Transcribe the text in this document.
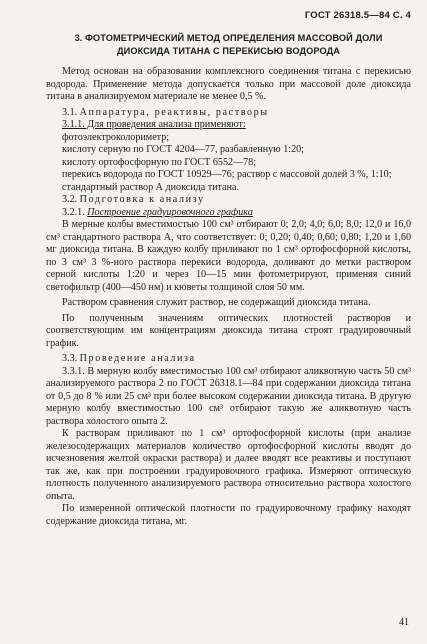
ГОСТ 26318.5—84 С. 4
3. ФОТОМЕТРИЧЕСКИЙ МЕТОД ОПРЕДЕЛЕНИЯ МАССОВОЙ ДОЛИ
ДИОКСИДА ТИТАНА С ПЕРЕКИСЬЮ ВОДОРОДА

Метод основан на образовании комплексного соединения титана с перекисью водорода. Применение метода допускается только при массовой доле диоксида титана в анализируемом материале не менее 0,5 %.

3.1. Аппаратура, реактивы, растворы

3.1.1. Для проведения анализа применяют:

фотоэлектроколориметр;

кислоту серную по ГОСТ 4204—77, разбавленную 1:20;

кислоту ортофосфорную по ГОСТ 6552—78;

перекись водорода по ГОСТ 10929—76; раствор с массовой долей 3 %, 1:10;

стандартный раствор А диоксида титана.

3.2. Подготовка к анализу

3.2.1. Построение градуировочного графика

В мерные колбы вместимостью 100 см³ отбирают 0; 2,0; 4,0; 6,0; 8,0; 12,0 и 16,0 см³ стандартного раствора А, что соответствует: 0; 0,20; 0,40; 0,60; 0,80; 1,20 и 1,60 мг диоксида титана. В каждую колбу приливают по 1 см³ ортофосфорной кислоты, по 3 см³ 3 %-ного раствора перекиси водорода, доливают до метки раствором серной кислоты 1:20 и через 10—15 мин фотометрируют, применяя синий светофильтр (400—450 нм) и кюветы толщиной слоя 50 мм.

Раствором сравнения служит раствор, не содержащий диоксида титана.

По полученным значениям оптических плотностей растворов и соответствующим им концентрациям диоксида титана строят градуировочный график.

3.3. Проведение анализа

3.3.1. В мерную колбу вместимостью 100 см³ отбирают аликвотную часть 50 см³ анализируемого раствора 2 по ГОСТ 26318.1—84 при содержании диоксида титана от 0,5 до 8 % или 25 см³ при более высоком содержании диоксида титана. В другую мерную колбу вместимостью 100 см³ отбирают такую же аликвотную часть раствора холостого опыта 2.

К растворам приливают по 1 см³ ортофосфорной кислоты (при анализе железосодержащих материалов количество ортофосфорной кислоты вводят до исчезновения желтой окраски раствора) и далее вводят все реактивы и поступают так же, как при построении градуировочного графика. Измеряют оптическую плотность полученного анализируемого раствора относительно раствора холостого опыта.

По измеренной оптической плотности по градуировочному графику находят содержание диоксида титана, мг.

41
